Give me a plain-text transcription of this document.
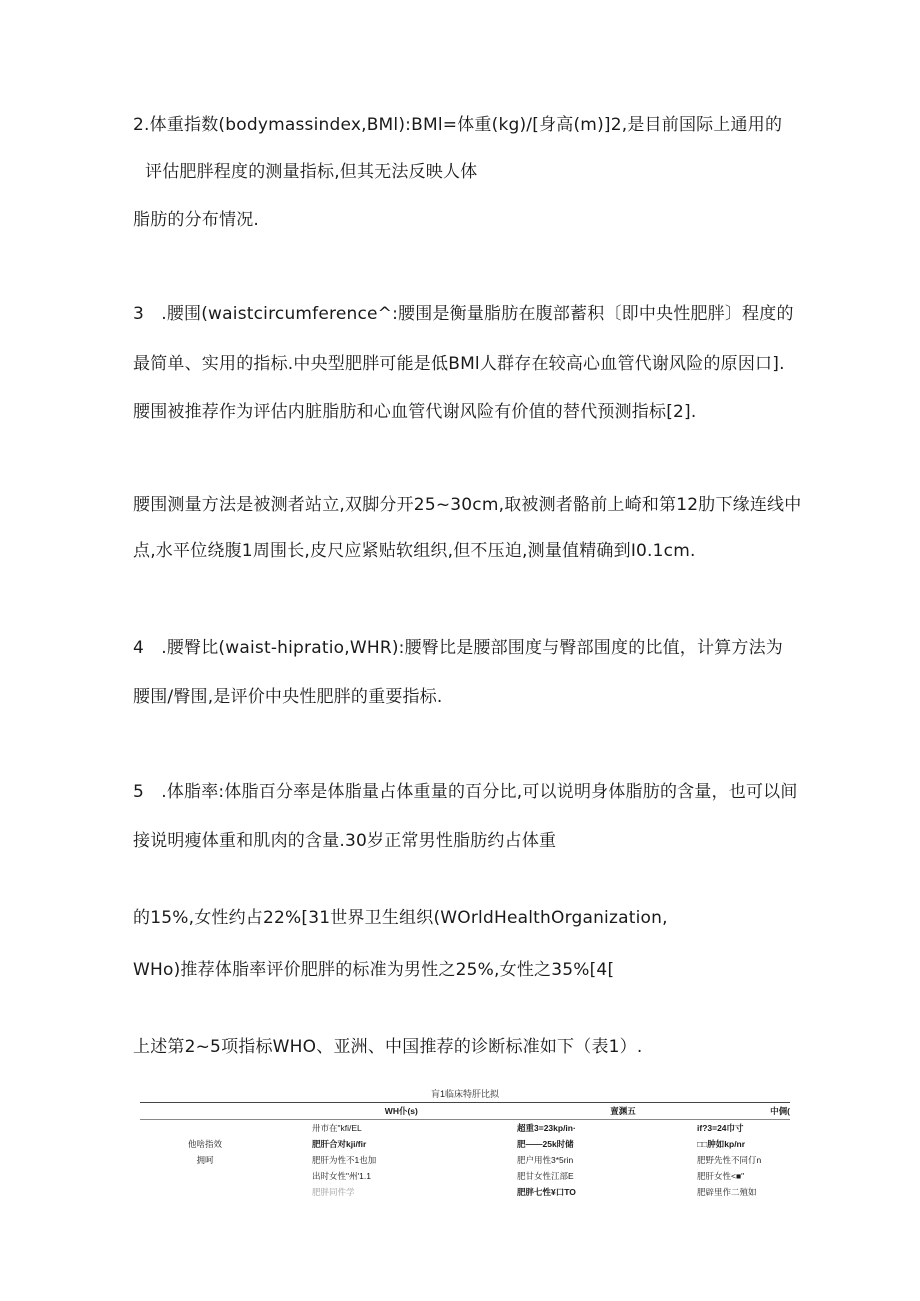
2.体重指数(bodymassindex,BMl):BMl=体重(kg)/[身高(m)]2,是目前国际上通用的
评估肥胖程度的测量指标,但其无法反映人体
脂肪的分布情况.
3　.腰围(waistcircumference^:腰围是衡量脂肪在腹部蓄积〔即中央性肥胖〕程度的
最简单、实用的指标.中央型肥胖可能是低BMl人群存在较高心血管代谢风险的原因口].
腰围被推荐作为评估内脏脂肪和心血管代谢风险有价值的替代预测指标[2].
腰围测量方法是被测者站立,双脚分开25~30cm,取被测者骼前上崎和第12肋下缘连线中
点,水平位绕腹1周围长,皮尺应紧贴软组织,但不压迫,测量值精确到I0.1cm.
4　.腰臀比(waist-hipratio,WHR):腰臀比是腰部围度与臀部围度的比值，计算方法为
腰围/臀围,是评价中央性肥胖的重要指标.
5　.体脂率:体脂百分率是体脂量占体重量的百分比,可以说明身体脂肪的含量，也可以间
接说明瘦体重和肌肉的含量.30岁正常男性脂肪约占体重
的15%,女性约占22%[31世界卫生组织(WOrldHealthOrganization,
WHo)推荐体脂率评价肥胖的标准为男性之25%,女性之35%[4[
上述第2~5项指标WHO、亚洲、中国推荐的诊断标准如下（表1）.
肓1临床特肝比拟
	WH仆(s)	亶渊五	中倜(
	卅市在"kfi/EL	超重3=23kp/in·	if?3=24巾寸
他啥指效	肥肝合对kji/fir	肥——25k时储	□□肿如kp/nr
拥呵	肥肝为性不1也加	肥户用性3*5rin	肥野先性不同仃n
	出时女性"州'1.1	肥甘女性江部E	肥肝女性<■"
	肥胖同件学	肥胖七性¥口TO	肥辟里作二殖如
